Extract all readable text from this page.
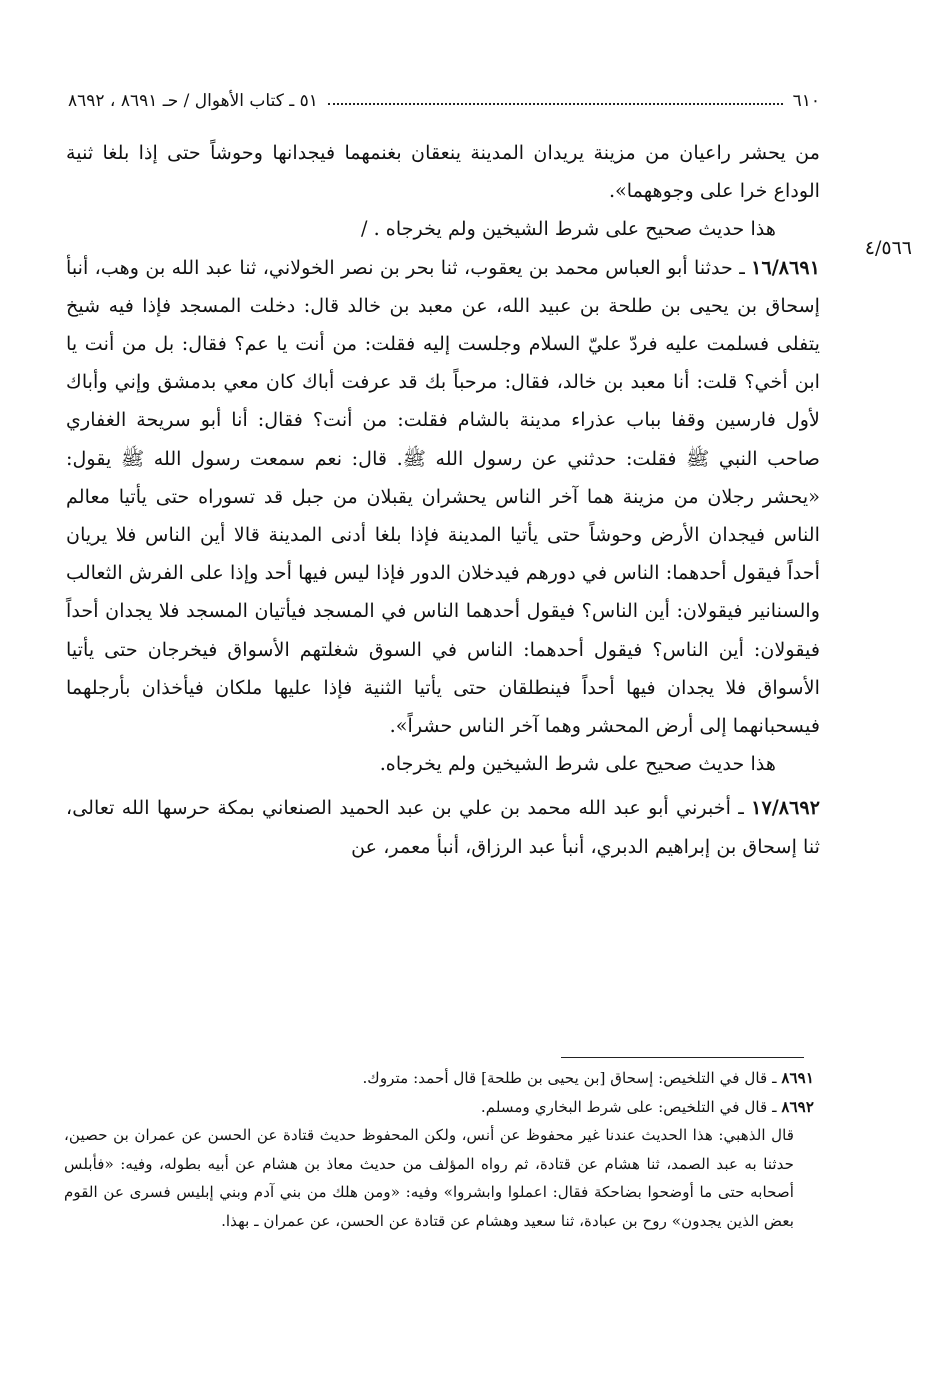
٦١٠
٥١ ـ كتاب الأهوال / حـ ٨٦٩١ ، ٨٦٩٢
٤/٥٦٦

من يحشر راعيان من مزينة يريدان المدينة ينعقان بغنمهما فيجدانها وحوشاً حتى إذا بلغا ثنية الوداع خرا على وجوههما».

هذا حديث صحيح على شرط الشيخين ولم يخرجاه . /

١٦/٨٦٩١ ـ حدثنا أبو العباس محمد بن يعقوب، ثنا بحر بن نصر الخولاني، ثنا عبد الله بن وهب، أنبأ إسحاق بن يحيى بن طلحة بن عبيد الله، عن معبد بن خالد قال: دخلت المسجد فإذا فيه شيخ يتفلى فسلمت عليه فردّ عليّ السلام وجلست إليه فقلت: من أنت يا عم؟ فقال: بل من أنت يا ابن أخي؟ قلت: أنا معبد بن خالد، فقال: مرحباً بك قد عرفت أباك كان معي بدمشق وإني وأباك لأول فارسين وقفا بباب عذراء مدينة بالشام فقلت: من أنت؟ فقال: أنا أبو سريحة الغفاري صاحب النبي ﷺ فقلت: حدثني عن رسول الله ﷺ. قال: نعم سمعت رسول الله ﷺ يقول: «يحشر رجلان من مزينة هما آخر الناس يحشران يقبلان من جبل قد تسوراه حتى يأتيا معالم الناس فيجدان الأرض وحوشاً حتى يأتيا المدينة فإذا بلغا أدنى المدينة قالا أين الناس فلا يريان أحداً فيقول أحدهما: الناس في دورهم فيدخلان الدور فإذا ليس فيها أحد وإذا على الفرش الثعالب والسنانير فيقولان: أين الناس؟ فيقول أحدهما الناس في المسجد فيأتيان المسجد فلا يجدان أحداً فيقولان: أين الناس؟ فيقول أحدهما: الناس في السوق شغلتهم الأسواق فيخرجان حتى يأتيا الأسواق فلا يجدان فيها أحداً فينطلقان حتى يأتيا الثنية فإذا عليها ملكان فيأخذان بأرجلهما فيسحبانهما إلى أرض المحشر وهما آخر الناس حشراً».

هذا حديث صحيح على شرط الشيخين ولم يخرجاه.

١٧/٨٦٩٢ ـ أخبرني أبو عبد الله محمد بن علي بن عبد الحميد الصنعاني بمكة حرسها الله تعالى، ثنا إسحاق بن إبراهيم الدبري، أنبأ عبد الرزاق، أنبأ معمر، عن

٨٦٩١ ـ قال في التلخيص: إسحاق [بن يحيى بن طلحة] قال أحمد: متروك.

٨٦٩٢ ـ قال في التلخيص: على شرط البخاري ومسلم.

قال الذهبي: هذا الحديث عندنا غير محفوظ عن أنس، ولكن المحفوظ حديث قتادة عن الحسن عن عمران بن حصين، حدثنا به عبد الصمد، ثنا هشام عن قتادة، ثم رواه المؤلف من حديث معاذ بن هشام عن أبيه بطوله، وفيه: «فأبلس أصحابه حتى ما أوضحوا بضاحكة فقال: اعملوا وابشروا» وفيه: «ومن هلك من بني آدم وبني إبليس فسرى عن القوم بعض الذين يجدون» روح بن عبادة، ثنا سعيد وهشام عن قتادة عن الحسن، عن عمران ـ بهذا.
